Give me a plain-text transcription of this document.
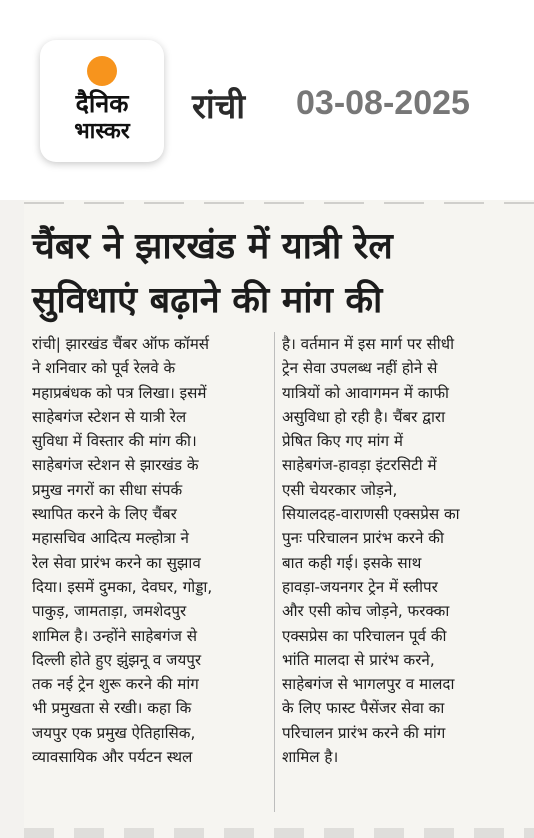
दैनिक
भास्कर
रांची 03-08-2025
चैंबर ने झारखंड में यात्री रेल
सुविधाएं बढ़ाने की मांग की
रांची| झारखंड चैंबर ऑफ कॉमर्स
ने शनिवार को पूर्व रेलवे के
महाप्रबंधक को पत्र लिखा। इसमें
साहेबगंज स्टेशन से यात्री रेल
सुविधा में विस्तार की मांग की।
साहेबगंज स्टेशन से झारखंड के
प्रमुख नगरों का सीधा संपर्क
स्थापित करने के लिए चैंबर
महासचिव आदित्य मल्होत्रा ने
रेल सेवा प्रारंभ करने का सुझाव
दिया। इसमें दुमका, देवघर, गोड्डा,
पाकुड़, जामताड़ा, जमशेदपुर
शामिल है। उन्होंने साहेबगंज से
दिल्ली होते हुए झुंझनू व जयपुर
तक नई ट्रेन शुरू करने की मांग
भी प्रमुखता से रखी। कहा कि
जयपुर एक प्रमुख ऐतिहासिक,
व्यावसायिक और पर्यटन स्थल
है। वर्तमान में इस मार्ग पर सीधी
ट्रेन सेवा उपलब्ध नहीं होने से
यात्रियों को आवागमन में काफी
असुविधा हो रही है। चैंबर द्वारा
प्रेषित किए गए मांग में
साहेबगंज-हावड़ा इंटरसिटी में
एसी चेयरकार जोड़ने,
सियालदह-वाराणसी एक्सप्रेस का
पुनः परिचालन प्रारंभ करने की
बात कही गई। इसके साथ
हावड़ा-जयनगर ट्रेन में स्लीपर
और एसी कोच जोड़ने, फरक्का
एक्सप्रेस का परिचालन पूर्व की
भांति मालदा से प्रारंभ करने,
साहेबगंज से भागलपुर व मालदा
के लिए फास्ट पैसेंजर सेवा का
परिचालन प्रारंभ करने की मांग
शामिल है।
